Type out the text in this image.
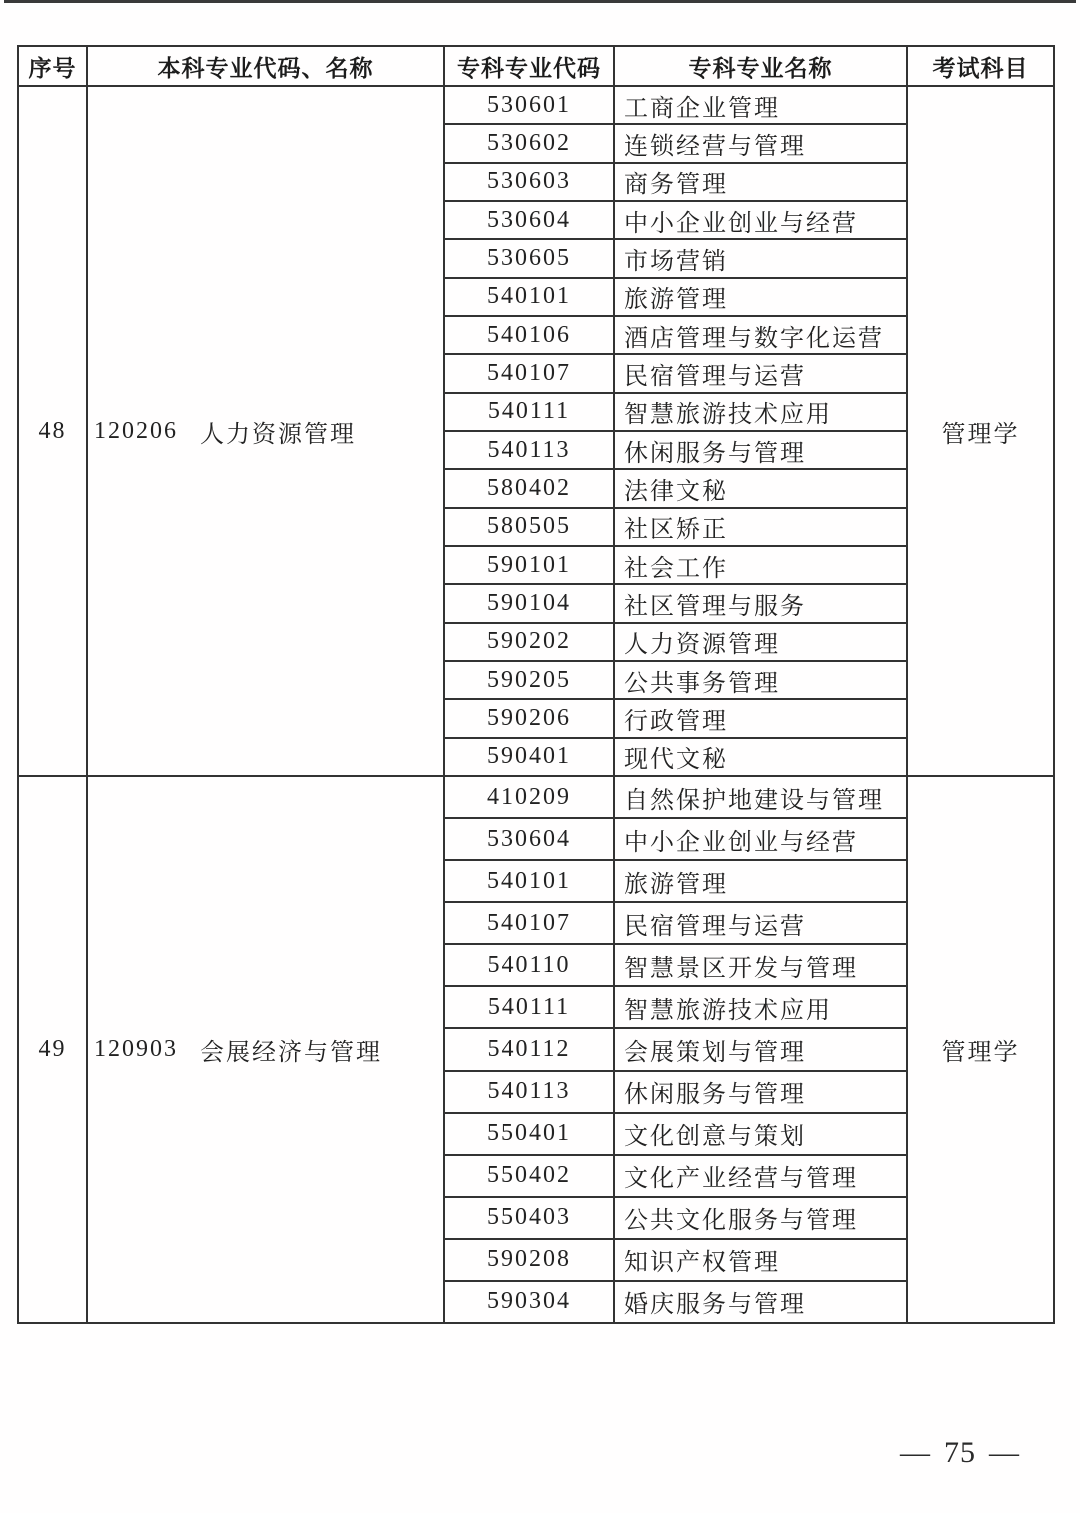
序号	本科专业代码、名称	专科专业代码	专科专业名称	考试科目
48	120206 人力资源管理
530601	工商企业管理
530602	连锁经营与管理
530603	商务管理
530604	中小企业创业与经营
530605	市场营销
540101	旅游管理
540106	酒店管理与数字化运营
540107	民宿管理与运营
540111	智慧旅游技术应用
540113	休闲服务与管理
580402	法律文秘
580505	社区矫正
590101	社会工作
590104	社区管理与服务
590202	人力资源管理
590205	公共事务管理
590206	行政管理
590401	现代文秘
管理学
49	120903 会展经济与管理
410209	自然保护地建设与管理
530604	中小企业创业与经营
540101	旅游管理
540107	民宿管理与运营
540110	智慧景区开发与管理
540111	智慧旅游技术应用
540112	会展策划与管理
540113	休闲服务与管理
550401	文化创意与策划
550402	文化产业经营与管理
550403	公共文化服务与管理
590208	知识产权管理
590304	婚庆服务与管理
管理学
— 75 —
